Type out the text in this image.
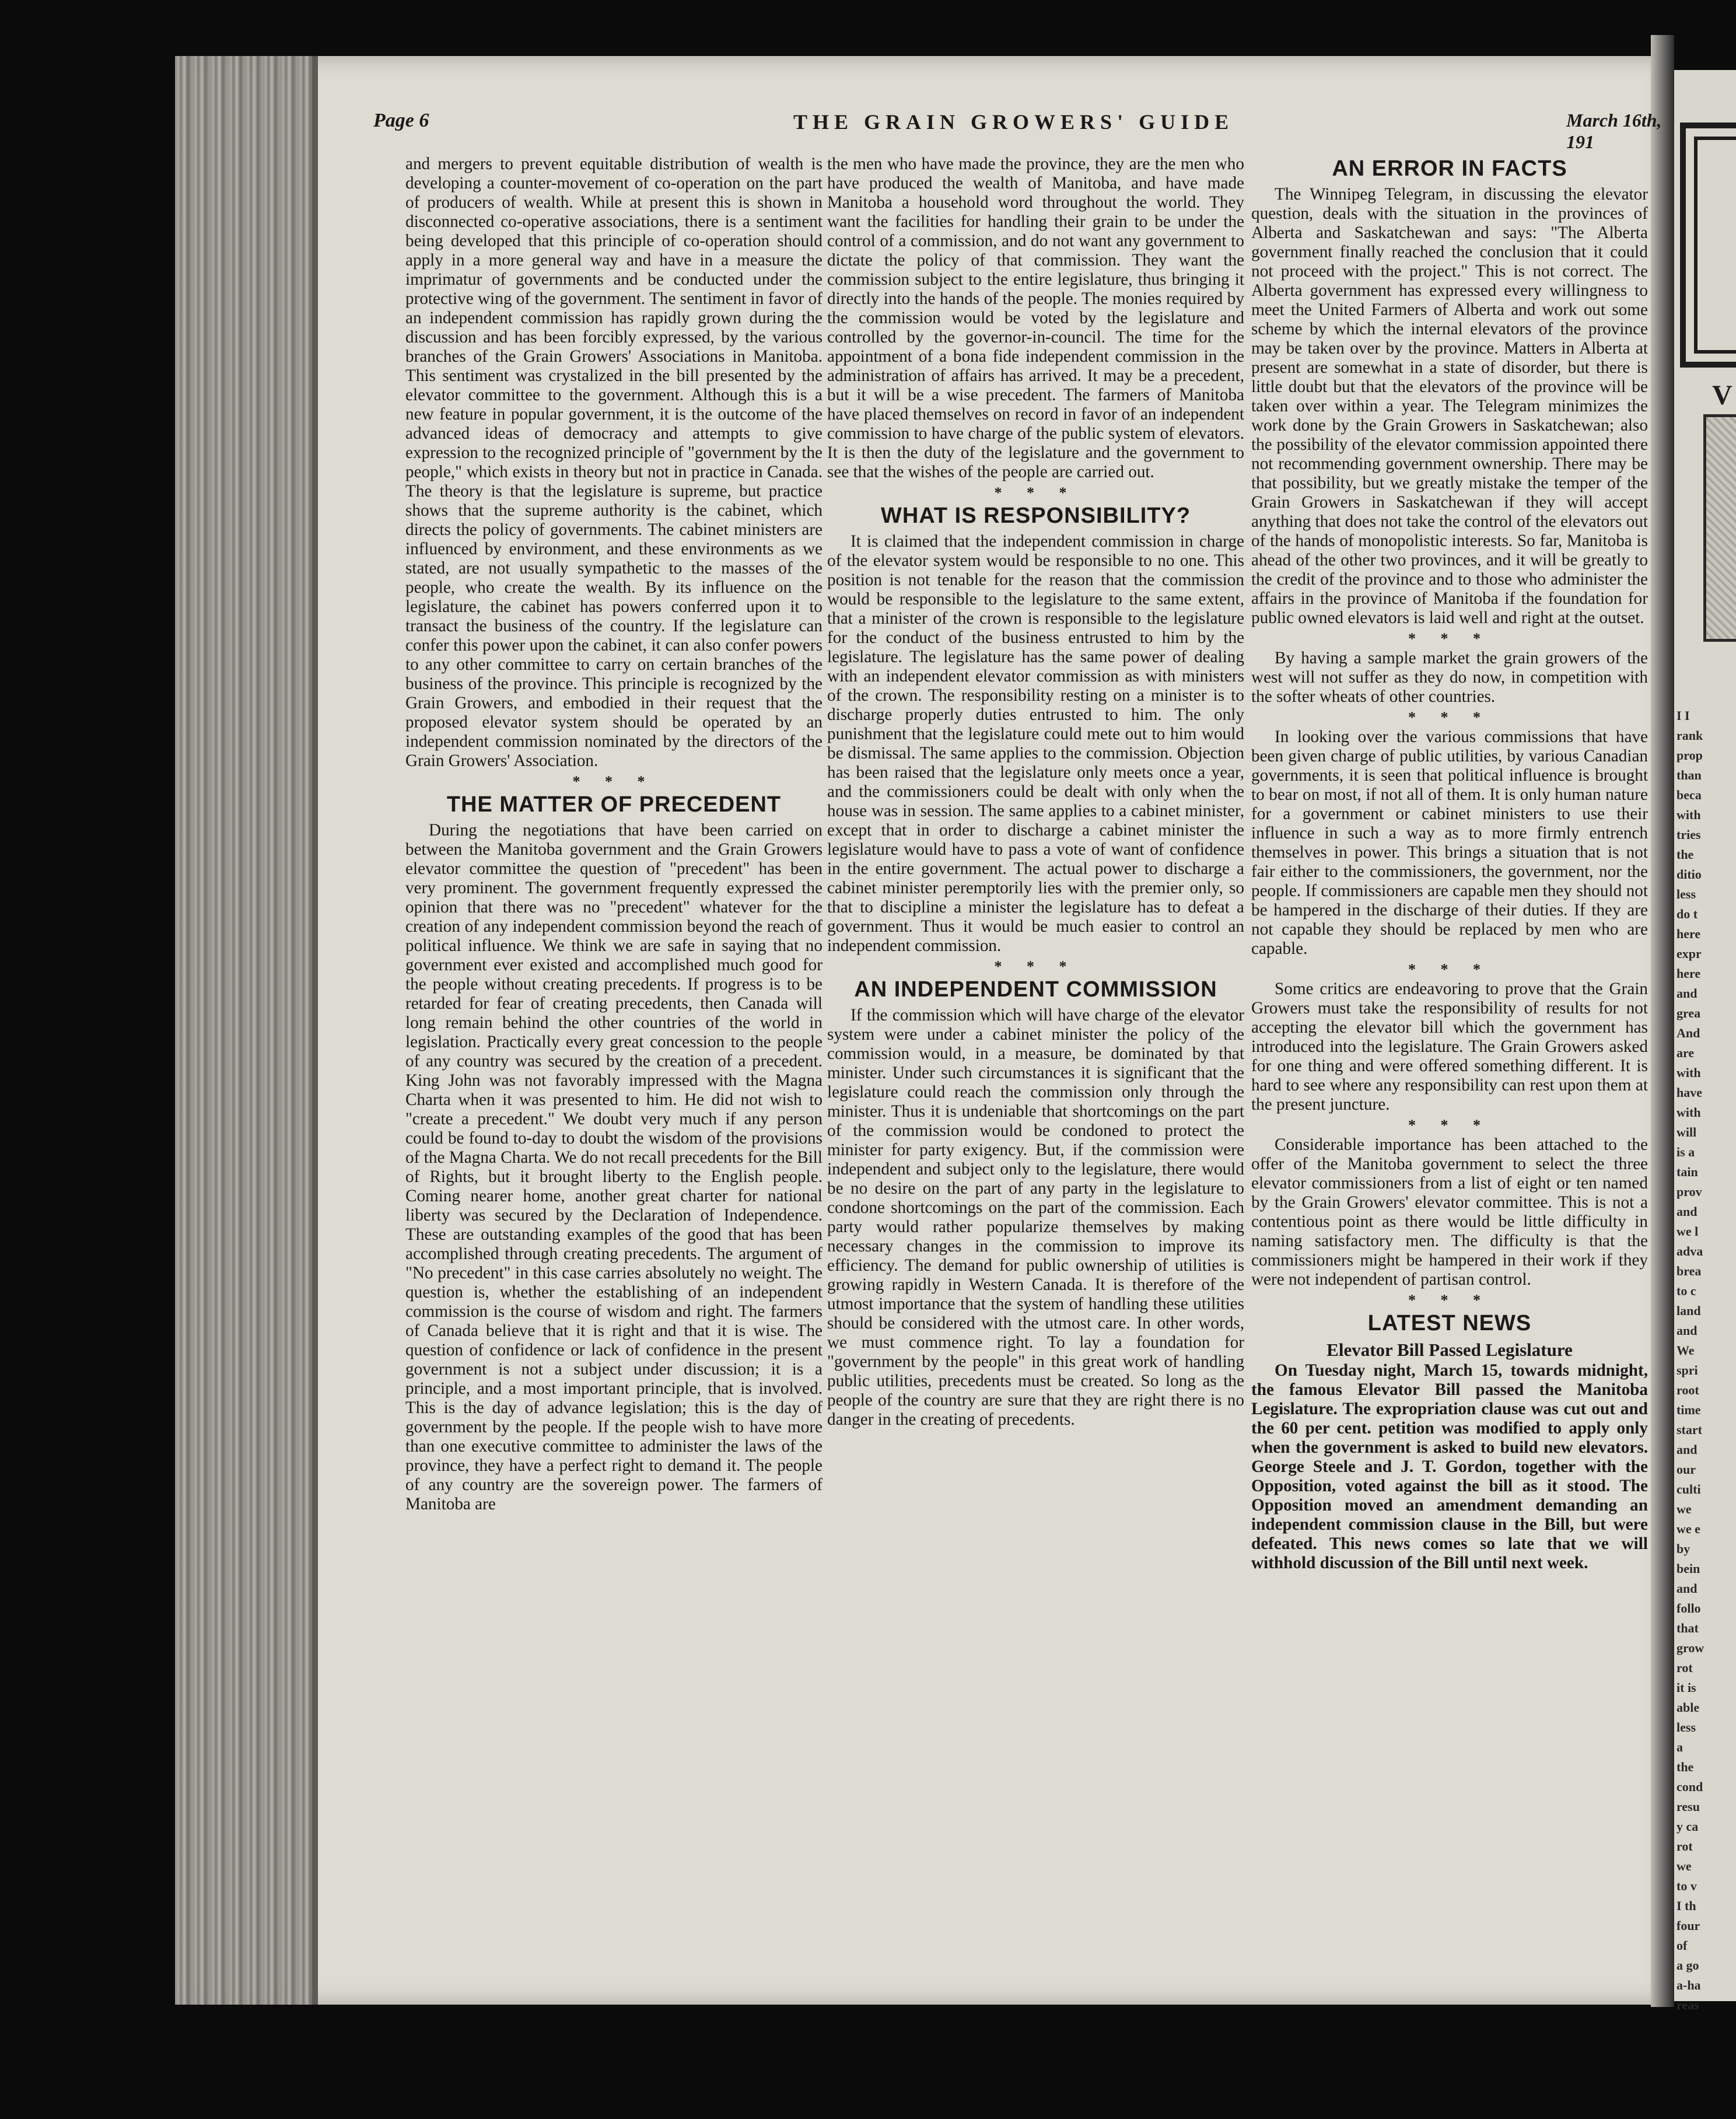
I I
rank
prop
than
beca
with
tries
the
ditio
less
do t
here
expr
here
and
grea
And
are
with
have
with
will
is a
tain
prov
and
we l
adva
brea
to c
land
and
We
spri
root
time
start
and
our
culti
we
we e
by
bein
and
follo
that
grow
rot
it is
able
less
a
the
cond
resu
y ca
rot
we
to v
I th
four
of
a go
a-ha
reas
V
Page 6	THE GRAIN GROWERS' GUIDE	March 16th, 191

and mergers to prevent equitable distribution of wealth is developing a counter-movement of co-operation on the part of producers of wealth. While at present this is shown in disconnected co-operative associations, there is a sentiment being developed that this principle of co-operation should apply in a more general way and have in a measure the imprimatur of governments and be conducted under the protective wing of the government. The sentiment in favor of an independent commission has rapidly grown during the discussion and has been forcibly expressed, by the various branches of the Grain Growers' Associations in Manitoba. This sentiment was crystalized in the bill presented by the elevator committee to the government. Although this is a new feature in popular government, it is the outcome of the advanced ideas of democracy and attempts to give expression to the recognized principle of "government by the people," which exists in theory but not in practice in Canada. The theory is that the legislature is supreme, but practice shows that the supreme authority is the cabinet, which directs the policy of governments. The cabinet ministers are influenced by environment, and these environments as we stated, are not usually sympathetic to the masses of the people, who create the wealth. By its influence on the legislature, the cabinet has powers conferred upon it to transact the business of the country. If the legislature can confer this power upon the cabinet, it can also confer powers to any other committee to carry on certain branches of the business of the province. This principle is recognized by the Grain Growers, and embodied in their request that the proposed elevator system should be operated by an independent commission nominated by the directors of the Grain Growers' Association.

* * *
THE MATTER OF PRECEDENT

During the negotiations that have been carried on between the Manitoba government and the Grain Growers elevator committee the question of "precedent" has been very prominent. The government frequently expressed the opinion that there was no "precedent" whatever for the creation of any independent commission beyond the reach of political influence. We think we are safe in saying that no government ever existed and accomplished much good for the people without creating precedents. If progress is to be retarded for fear of creating precedents, then Canada will long remain behind the other countries of the world in legislation. Practically every great concession to the people of any country was secured by the creation of a precedent. King John was not favorably impressed with the Magna Charta when it was presented to him. He did not wish to "create a precedent." We doubt very much if any person could be found to-day to doubt the wisdom of the provisions of the Magna Charta. We do not recall precedents for the Bill of Rights, but it brought liberty to the English people. Coming nearer home, another great charter for national liberty was secured by the Declaration of Independence. These are outstanding examples of the good that has been accomplished through creating precedents. The argument of "No precedent" in this case carries absolutely no weight. The question is, whether the establishing of an independent commission is the course of wisdom and right. The farmers of Canada believe that it is right and that it is wise. The question of confidence or lack of confidence in the present government is not a subject under discussion; it is a principle, and a most important principle, that is involved. This is the day of advance legislation; this is the day of government by the people. If the people wish to have more than one executive committee to administer the laws of the province, they have a perfect right to demand it. The people of any country are the sovereign power. The farmers of Manitoba are

the men who have made the province, they are the men who have produced the wealth of Manitoba, and have made Manitoba a household word throughout the world. They want the facilities for handling their grain to be under the control of a commission, and do not want any government to dictate the policy of that commission. They want the commission subject to the entire legislature, thus bringing it directly into the hands of the people. The monies required by the commission would be voted by the legislature and controlled by the governor-in-council. The time for the appointment of a bona fide independent commission in the administration of affairs has arrived. It may be a precedent, but it will be a wise precedent. The farmers of Manitoba have placed themselves on record in favor of an independent commission to have charge of the public system of elevators. It is then the duty of the legislature and the government to see that the wishes of the people are carried out.

* * *
WHAT IS RESPONSIBILITY?

It is claimed that the independent commission in charge of the elevator system would be responsible to no one. This position is not tenable for the reason that the commission would be responsible to the legislature to the same extent, that a minister of the crown is responsible to the legislature for the conduct of the business entrusted to him by the legislature. The legislature has the same power of dealing with an independent elevator commission as with ministers of the crown. The responsibility resting on a minister is to discharge properly duties entrusted to him. The only punishment that the legislature could mete out to him would be dismissal. The same applies to the commission. Objection has been raised that the legislature only meets once a year, and the commissioners could be dealt with only when the house was in session. The same applies to a cabinet minister, except that in order to discharge a cabinet minister the legislature would have to pass a vote of want of confidence in the entire government. The actual power to discharge a cabinet minister peremptorily lies with the premier only, so that to discipline a minister the legislature has to defeat a government. Thus it would be much easier to control an independent commission.

* * *
AN INDEPENDENT COMMISSION

If the commission which will have charge of the elevator system were under a cabinet minister the policy of the commission would, in a measure, be dominated by that minister. Under such circumstances it is significant that the legislature could reach the commission only through the minister. Thus it is undeniable that shortcomings on the part of the commission would be condoned to protect the minister for party exigency. But, if the commission were independent and subject only to the legislature, there would be no desire on the part of any party in the legislature to condone shortcomings on the part of the commission. Each party would rather popularize themselves by making necessary changes in the commission to improve its efficiency. The demand for public ownership of utilities is growing rapidly in Western Canada. It is therefore of the utmost importance that the system of handling these utilities should be considered with the utmost care. In other words, we must commence right. To lay a foundation for "government by the people" in this great work of handling public utilities, precedents must be created. So long as the people of the country are sure that they are right there is no danger in the creating of precedents.

AN ERROR IN FACTS

The Winnipeg Telegram, in discussing the elevator question, deals with the situation in the provinces of Alberta and Saskatchewan and says: "The Alberta government finally reached the conclusion that it could not proceed with the project." This is not correct. The Alberta government has expressed every willingness to meet the United Farmers of Alberta and work out some scheme by which the internal elevators of the province may be taken over by the province. Matters in Alberta at present are somewhat in a state of disorder, but there is little doubt but that the elevators of the province will be taken over within a year. The Telegram minimizes the work done by the Grain Growers in Saskatchewan; also the possibility of the elevator commission appointed there not recommending government ownership. There may be that possibility, but we greatly mistake the temper of the Grain Growers in Saskatchewan if they will accept anything that does not take the control of the elevators out of the hands of monopolistic interests. So far, Manitoba is ahead of the other two provinces, and it will be greatly to the credit of the province and to those who administer the affairs in the province of Manitoba if the foundation for public owned elevators is laid well and right at the outset.

* * *

By having a sample market the grain growers of the west will not suffer as they do now, in competition with the softer wheats of other countries.

* * *

In looking over the various commissions that have been given charge of public utilities, by various Canadian governments, it is seen that political influence is brought to bear on most, if not all of them. It is only human nature for a government or cabinet ministers to use their influence in such a way as to more firmly entrench themselves in power. This brings a situation that is not fair either to the commissioners, the government, nor the people. If commissioners are capable men they should not be hampered in the discharge of their duties. If they are not capable they should be replaced by men who are capable.

* * *

Some critics are endeavoring to prove that the Grain Growers must take the responsibility of results for not accepting the elevator bill which the government has introduced into the legislature. The Grain Growers asked for one thing and were offered something different. It is hard to see where any responsibility can rest upon them at the present juncture.

* * *

Considerable importance has been attached to the offer of the Manitoba government to select the three elevator commissioners from a list of eight or ten named by the Grain Growers' elevator committee. This is not a contentious point as there would be little difficulty in naming satisfactory men. The difficulty is that the commissioners might be hampered in their work if they were not independent of partisan control.

* * *
LATEST NEWS
Elevator Bill Passed Legislature

On Tuesday night, March 15, towards midnight, the famous Elevator Bill passed the Manitoba Legislature. The expropriation clause was cut out and the 60 per cent. petition was modified to apply only when the government is asked to build new elevators. George Steele and J. T. Gordon, together with the Opposition, voted against the bill as it stood. The Opposition moved an amendment demanding an independent commission clause in the Bill, but were defeated. This news comes so late that we will withhold discussion of the Bill until next week.
